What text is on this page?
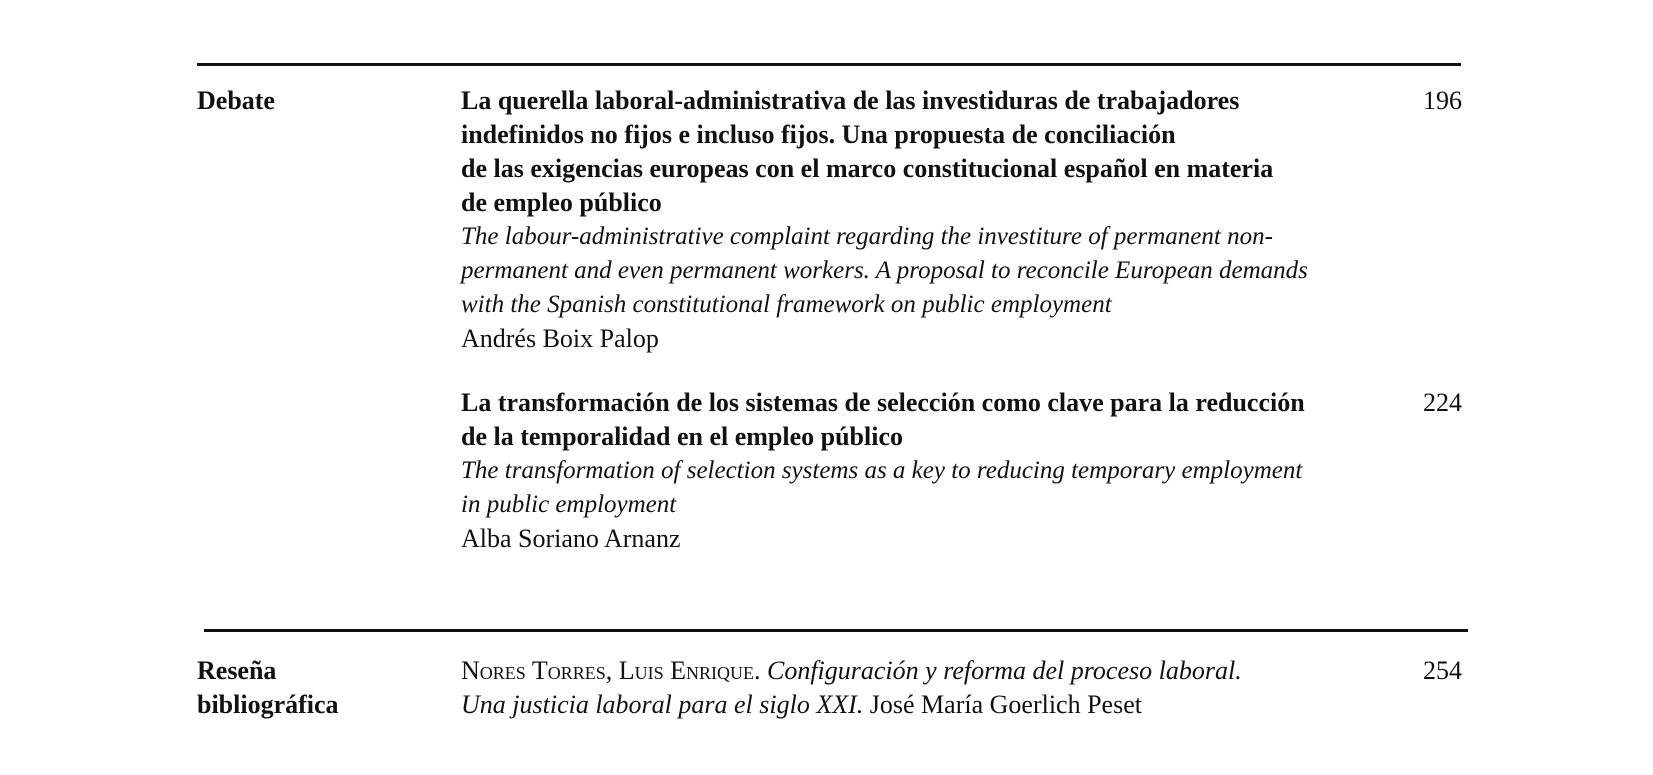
Debate	La querella laboral-administrativa de las investiduras de trabajadores
indefinidos no fijos e incluso fijos. Una propuesta de conciliación
de las exigencias europeas con el marco constitucional español en materia
de empleo público
The labour-administrative complaint regarding the investiture of permanent non-
permanent and even permanent workers. A proposal to reconcile European demands
with the Spanish constitutional framework on public employment
Andrés Boix Palop
196
La transformación de los sistemas de selección como clave para la reducción
de la temporalidad en el empleo público
The transformation of selection systems as a key to reducing temporary employment
in public employment
Alba Soriano Arnanz
224
Reseña
bibliográfica
Nores Torres, Luis Enrique. Configuración y reforma del proceso laboral.
Una justicia laboral para el siglo XXI. José María Goerlich Peset
254
